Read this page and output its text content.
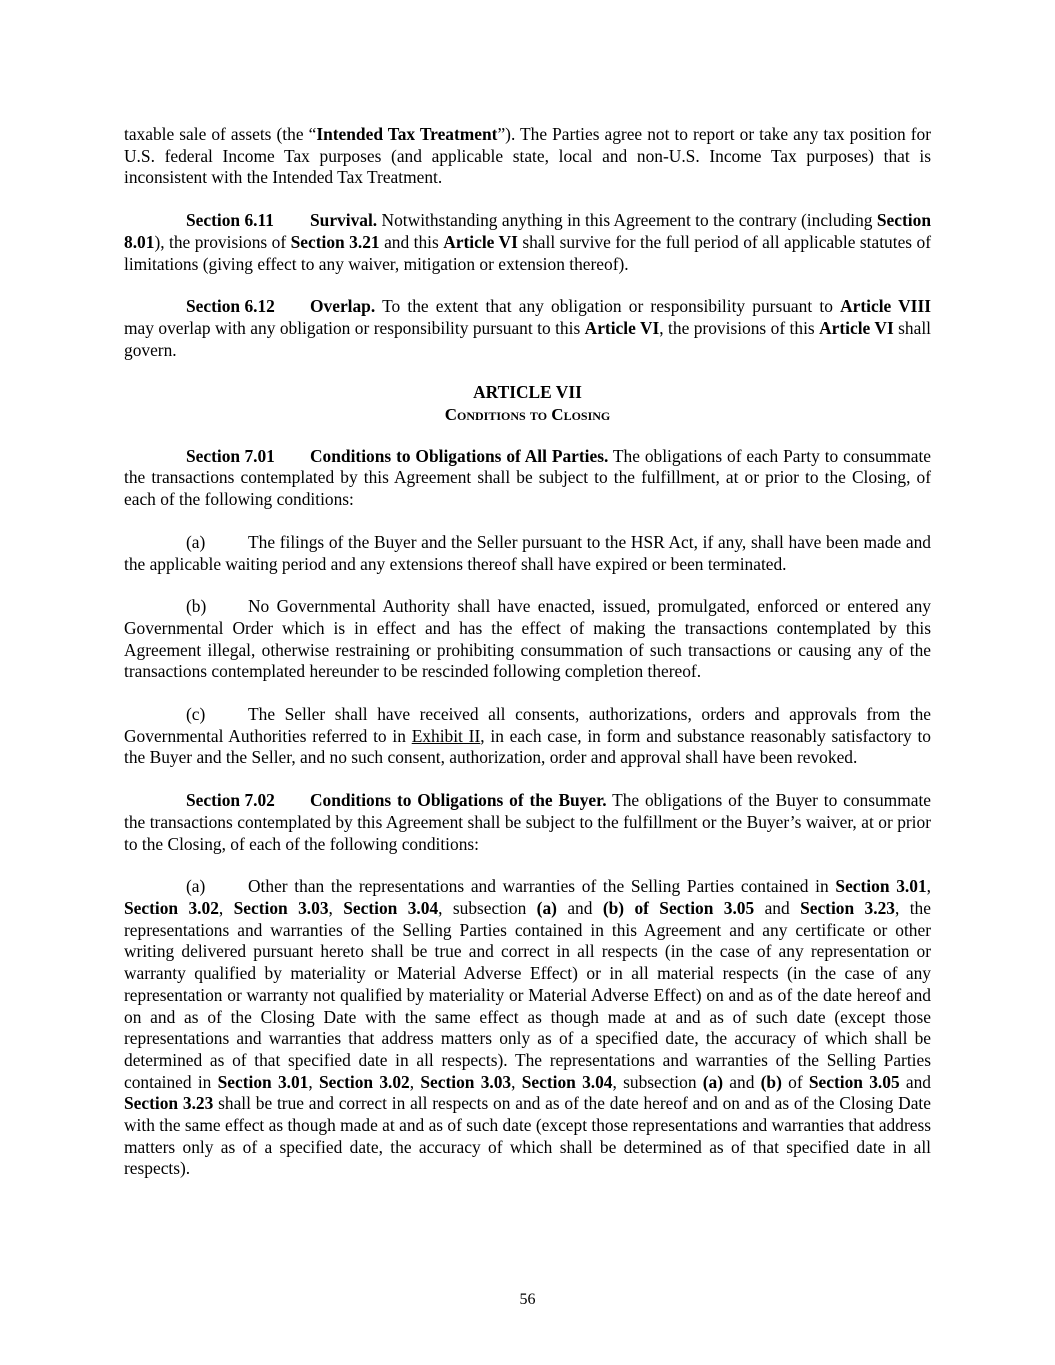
taxable sale of assets (the “Intended Tax Treatment”). The Parties agree not to report or take any tax position for U.S. federal Income Tax purposes (and applicable state, local and non-U.S. Income Tax purposes) that is inconsistent with the Intended Tax Treatment.

Section 6.11 Survival. Notwithstanding anything in this Agreement to the contrary (including Section 8.01), the provisions of Section 3.21 and this Article VI shall survive for the full period of all applicable statutes of limitations (giving effect to any waiver, mitigation or extension thereof).

Section 6.12 Overlap. To the extent that any obligation or responsibility pursuant to Article VIII may overlap with any obligation or responsibility pursuant to this Article VI, the provisions of this Article VI shall govern.

ARTICLE VII
Conditions to Closing

Section 7.01 Conditions to Obligations of All Parties. The obligations of each Party to consummate the transactions contemplated by this Agreement shall be subject to the fulfillment, at or prior to the Closing, of each of the following conditions:

(a) The filings of the Buyer and the Seller pursuant to the HSR Act, if any, shall have been made and the applicable waiting period and any extensions thereof shall have expired or been terminated.

(b) No Governmental Authority shall have enacted, issued, promulgated, enforced or entered any Governmental Order which is in effect and has the effect of making the transactions contemplated by this Agreement illegal, otherwise restraining or prohibiting consummation of such transactions or causing any of the transactions contemplated hereunder to be rescinded following completion thereof.

(c) The Seller shall have received all consents, authorizations, orders and approvals from the Governmental Authorities referred to in Exhibit II, in each case, in form and substance reasonably satisfactory to the Buyer and the Seller, and no such consent, authorization, order and approval shall have been revoked.

Section 7.02 Conditions to Obligations of the Buyer. The obligations of the Buyer to consummate the transactions contemplated by this Agreement shall be subject to the fulfillment or the Buyer’s waiver, at or prior to the Closing, of each of the following conditions:

(a) Other than the representations and warranties of the Selling Parties contained in Section 3.01, Section 3.02, Section 3.03, Section 3.04, subsection (a) and (b) of Section 3.05 and Section 3.23, the representations and warranties of the Selling Parties contained in this Agreement and any certificate or other writing delivered pursuant hereto shall be true and correct in all respects (in the case of any representation or warranty qualified by materiality or Material Adverse Effect) or in all material respects (in the case of any representation or warranty not qualified by materiality or Material Adverse Effect) on and as of the date hereof and on and as of the Closing Date with the same effect as though made at and as of such date (except those representations and warranties that address matters only as of a specified date, the accuracy of which shall be determined as of that specified date in all respects). The representations and warranties of the Selling Parties contained in Section 3.01, Section 3.02, Section 3.03, Section 3.04, subsection (a) and (b) of Section 3.05 and Section 3.23 shall be true and correct in all respects on and as of the date hereof and on and as of the Closing Date with the same effect as though made at and as of such date (except those representations and warranties that address matters only as of a specified date, the accuracy of which shall be determined as of that specified date in all respects).

56
